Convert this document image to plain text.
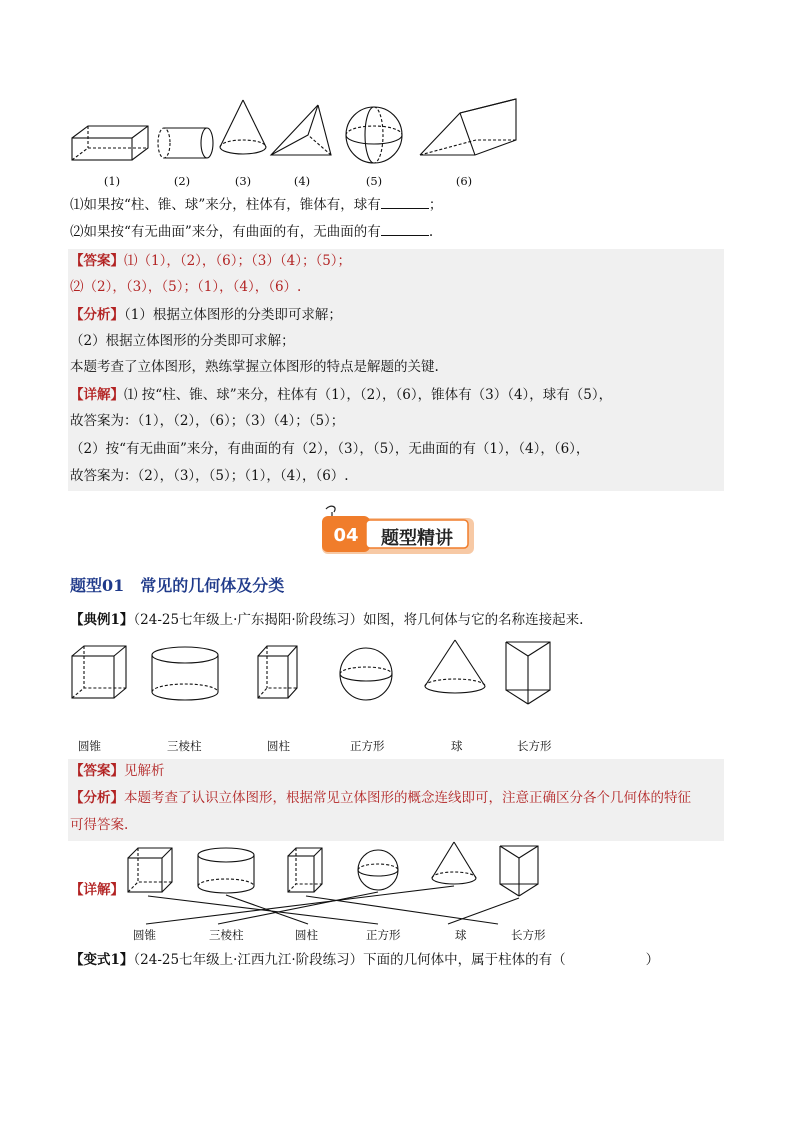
(1)	(2)	(3)	(4)	(5)	(6)
⑴如果按“柱、锥、球”来分，柱体有，锥体有，球有	；
⑵如果按“有无曲面”来分，有曲面的有，无曲面的有	.
【答案】⑴（1），（2），（6）；（3）（4）；（5）；
⑵（2），（3），（5）；（1），（4），（6）.
【分析】（1）根据立体图形的分类即可求解；
（2）根据立体图形的分类即可求解；
本题考查了立体图形，熟练掌握立体图形的特点是解题的关键.
【详解】⑴ 按“柱、锥、球”来分，柱体有（1），（2），（6），锥体有（3）（4），球有（5），
故答案为：（1），（2），（6）；（3）（4）；（5）；
（2）按“有无曲面”来分，有曲面的有（2），（3），（5），无曲面的有（1），（4），（6），
故答案为：（2），（3），（5）；（1），（4），（6）.
04	题型精讲
题型01　常见的几何体及分类
【典例1】（24-25七年级上·广东揭阳·阶段练习）如图，将几何体与它的名称连接起来.
圆锥	三棱柱	圆柱	正方形	球	长方形
【答案】见解析
【分析】本题考查了认识立体图形，根据常见立体图形的概念连线即可，注意正确区分各个几何体的特征
可得答案.
【详解】
圆锥	三棱柱	圆柱	正方形	球	长方形
【变式1】（24-25七年级上·江西九江·阶段练习）下面的几何体中，属于柱体的有（	）
